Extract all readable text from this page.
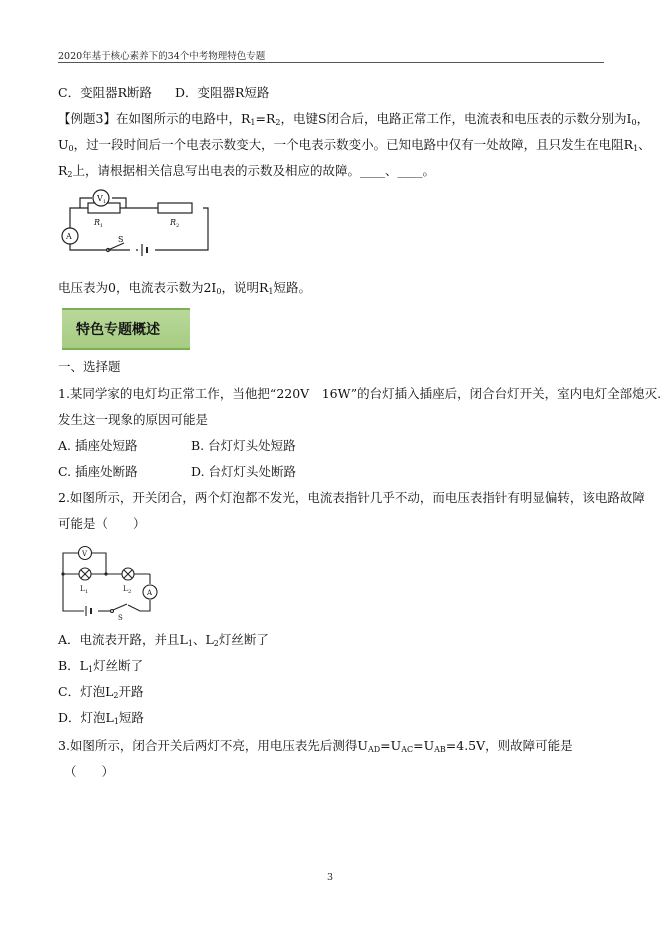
2020年基于核心素养下的34个中考物理特色专题
C．变阻器R断路 D．变阻器R短路
【例题3】在如图所示的电路中，$R_1=R_2$，电键S闭合后，电路正常工作，电流表和电压表的示数分别为$I_0$，
$U_0$，过一段时间后一个电表示数变大，一个电表示数变小。已知电路中仅有一处故障，且只发生在电阻$R_1$、
$R_2$上，请根据相关信息写出电表的示数及相应的故障。____、____。
V 1
A
R 1	R 2
S
电压表为0，电流表示数为$2I_0$，说明$R_1$短路。
特色专题概述
一、选择题
1.某同学家的电灯均正常工作，当他把“220V　16W”的台灯插入插座后，闭合台灯开关，室内电灯全部熄灭.
发生这一现象的原因可能是
A. 插座处短路	B. 台灯灯头处短路
C. 插座处断路	D. 台灯灯头处断路
2.如图所示，开关闭合，两个灯泡都不发光，电流表指针几乎不动，而电压表指针有明显偏转，该电路故障
可能是（　　）
V
A
L 1	L 2
S
A．电流表开路，并且$L_1$、$L_2$灯丝断了
B．$L_1$灯丝断了
C．灯泡$L_2$开路
D．灯泡$L_1$短路
3.如图所示，闭合开关后两灯不亮，用电压表先后测得$U_{AD}=U_{AC}=U_{AB}=4.5V$，则故障可能是
（　　）
3
